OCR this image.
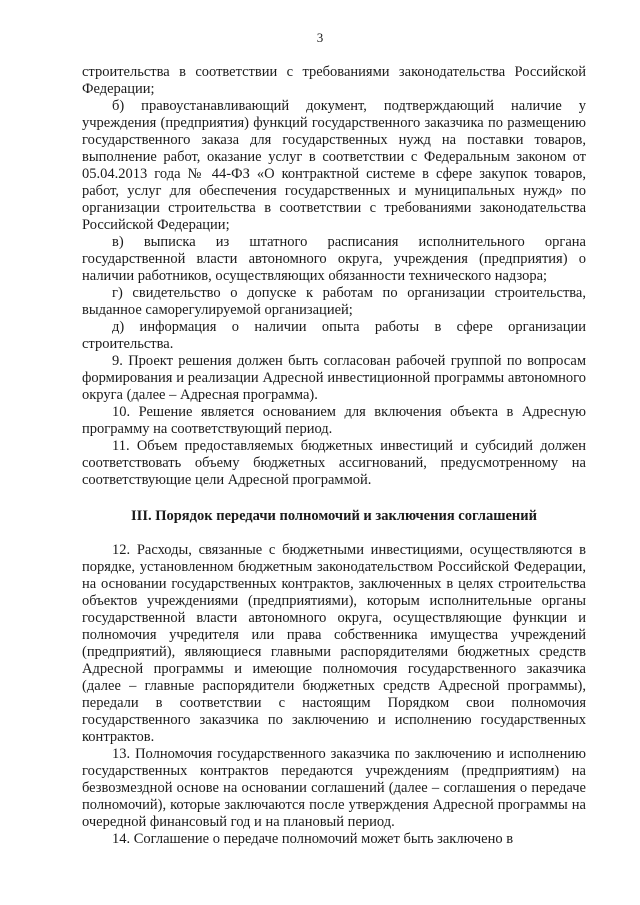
3

строительства в соответствии с требованиями законодательства Российской Федерации;

б) правоустанавливающий документ, подтверждающий наличие у учреждения (предприятия) функций государственного заказчика по размещению государственного заказа для государственных нужд на поставки товаров, выполнение работ, оказание услуг в соответствии с Федеральным законом от 05.04.2013 года № 44-ФЗ «О контрактной системе в сфере закупок товаров, работ, услуг для обеспечения государственных и муниципальных нужд» по организации строительства в соответствии с требованиями законодательства Российской Федерации;

в) выписка из штатного расписания исполнительного органа государственной власти автономного округа, учреждения (предприятия) о наличии работников, осуществляющих обязанности технического надзора;

г) свидетельство о допуске к работам по организации строительства, выданное саморегулируемой организацией;

д) информация о наличии опыта работы в сфере организации строительства.

9. Проект решения должен быть согласован рабочей группой по вопросам формирования и реализации Адресной инвестиционной программы автономного округа (далее – Адресная программа).

10. Решение является основанием для включения объекта в Адресную программу на соответствующий период.

11. Объем предоставляемых бюджетных инвестиций и субсидий должен соответствовать объему бюджетных ассигнований, предусмотренному на соответствующие цели Адресной программой.

III. Порядок передачи полномочий и заключения соглашений

12. Расходы, связанные с бюджетными инвестициями, осуществляются в порядке, установленном бюджетным законодательством Российской Федерации, на основании государственных контрактов, заключенных в целях строительства объектов учреждениями (предприятиями), которым исполнительные органы государственной власти автономного округа, осуществляющие функции и полномочия учредителя или права собственника имущества учреждений (предприятий), являющиеся главными распорядителями бюджетных средств Адресной программы и имеющие полномочия государственного заказчика (далее – главные распорядители бюджетных средств Адресной программы), передали в соответствии с настоящим Порядком свои полномочия государственного заказчика по заключению и исполнению государственных контрактов.

13. Полномочия государственного заказчика по заключению и исполнению государственных контрактов передаются учреждениям (предприятиям) на безвозмездной основе на основании соглашений (далее – соглашения о передаче полномочий), которые заключаются после утверждения Адресной программы на очередной финансовый год и на плановый период.

14. Соглашение о передаче полномочий может быть заключено в
